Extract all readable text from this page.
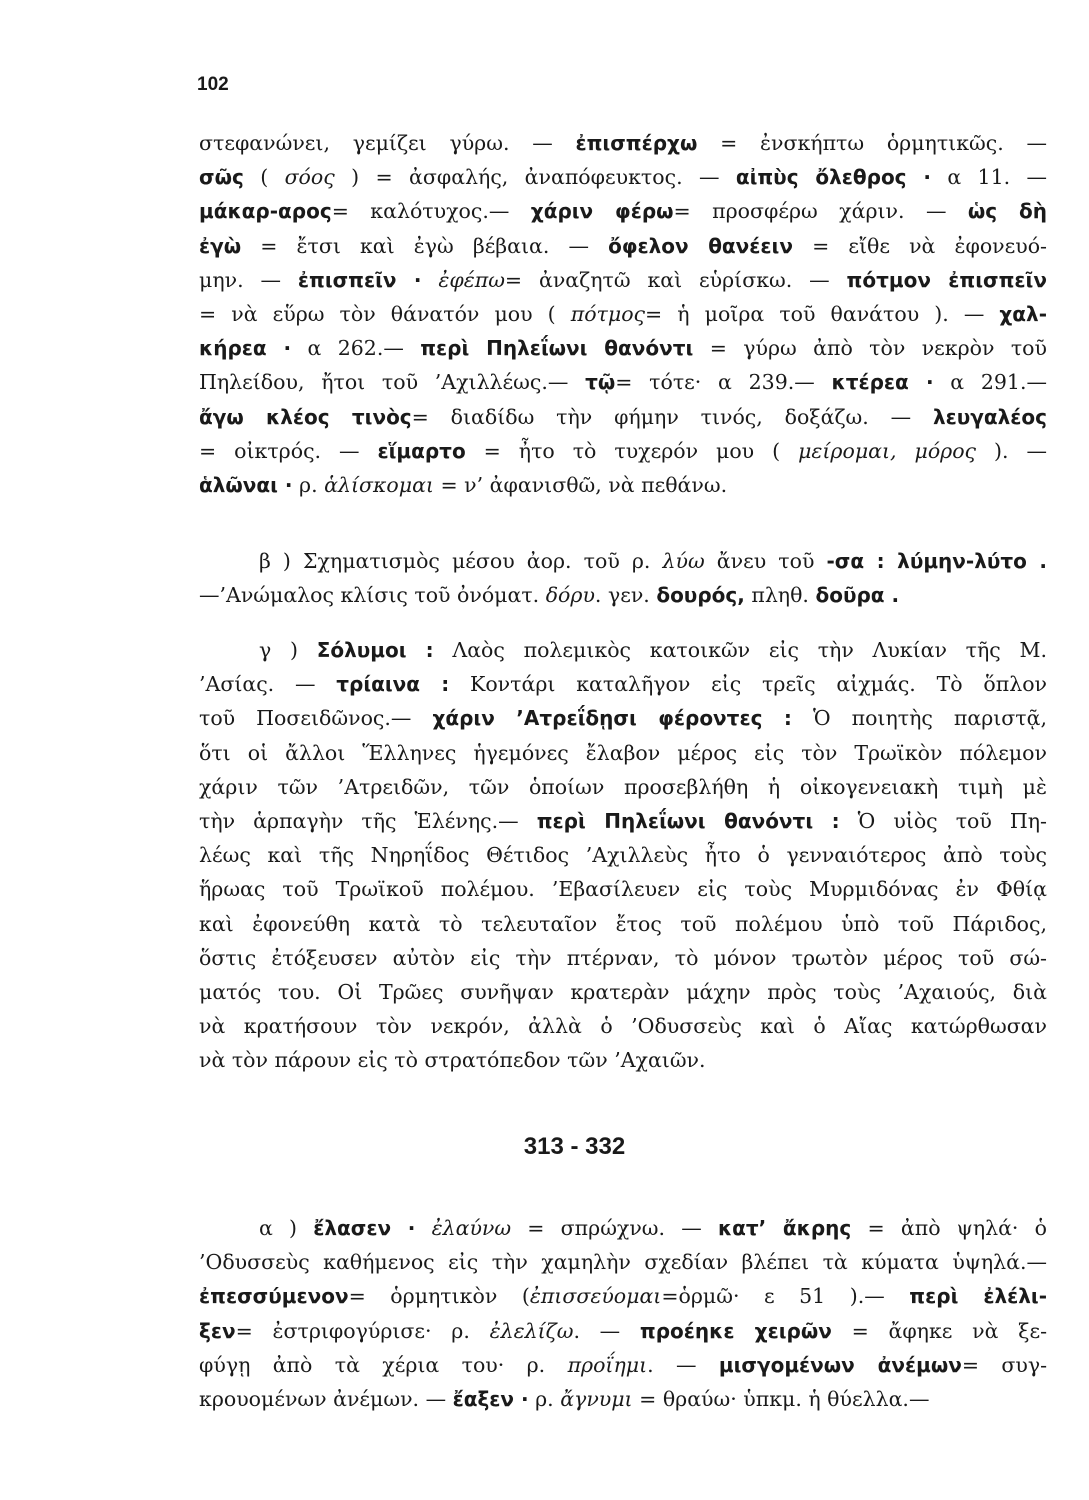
102
στεφανώνει, γεμίζει γύρω. — ἐπισπέρχω = ἐνσκήπτω ὁρμητικῶς. —
σῶς ( σόος ) = ἀσφαλής, ἀναπόφευκτος. — αἰπὺς ὄλεθρος · α 11. —
μάκαρ-αρος= καλότυχος.— χάριν φέρω= προσφέρω χάριν. — ὡς δὴ
ἐγὼ = ἔτσι καὶ ἐγὼ βέβαια. — ὄφελον θανέειν = εἴθε νὰ ἐφονευό-
μην. — ἐπισπεῖν · ἐφέπω= ἀναζητῶ καὶ εὑρίσκω. — πότμον ἐπισπεῖν
= νὰ εὕρω τὸν θάνατόν μου ( πότμος= ἡ μοῖρα τοῦ θανάτου ). — χαλ-
κήρεα · α 262.— περὶ Πηλεΐωνι θανόντι = γύρω ἀπὸ τὸν νεκρὸν τοῦ
Πηλείδου, ἤτοι τοῦ ’Αχιλλέως.— τῷ= τότε· α 239.— κτέρεα · α 291.—
ἄγω κλέος τινὸς= διαδίδω τὴν φήμην τινός, δοξάζω. — λευγαλέος
= οἰκτρός. — εἵμαρτο = ἦτο τὸ τυχερόν μου ( μείρομαι, μόρος ). —
ἁλῶναι · ρ. ἁλίσκομαι = ν’ ἀφανισθῶ, νὰ πεθάνω.
β ) Σχηματισμὸς μέσου ἀορ. τοῦ ρ. λύω ἄνευ τοῦ -σα : λύμην-λύτο .
—’Ανώμαλος κλίσις τοῦ ὀνόματ. δόρυ. γεν. δουρός, πληθ. δοῦρα .
γ ) Σόλυμοι : Λαὸς πολεμικὸς κατοικῶν εἰς τὴν Λυκίαν τῆς Μ.
’Ασίας. — τρίαινα : Κοντάρι καταλῆγον εἰς τρεῖς αἰχμάς. Τὸ ὅπλον
τοῦ Ποσειδῶνος.— χάριν ’Ατρεΐδῃσι φέροντες : Ὁ ποιητὴς παριστᾷ,
ὅτι οἱ ἄλλοι Ἕλληνες ἡγεμόνες ἔλαβον μέρος εἰς τὸν Τρωϊκὸν πόλεμον
χάριν τῶν ’Ατρειδῶν, τῶν ὁποίων προσεβλήθη ἡ οἰκογενειακὴ τιμὴ μὲ
τὴν ἁρπαγὴν τῆς Ἑλένης.— περὶ Πηλεΐωνι θανόντι : Ὁ υἱὸς τοῦ Πη-
λέως καὶ τῆς Νηρηΐδος Θέτιδος ’Αχιλλεὺς ἦτο ὁ γενναιότερος ἀπὸ τοὺς
ἥρωας τοῦ Τρωϊκοῦ πολέμου. ’Εβασίλευεν εἰς τοὺς Μυρμιδόνας ἐν Φθίᾳ
καὶ ἐφονεύθη κατὰ τὸ τελευταῖον ἔτος τοῦ πολέμου ὑπὸ τοῦ Πάριδος,
ὅστις ἐτόξευσεν αὐτὸν εἰς τὴν πτέρναν, τὸ μόνον τρωτὸν μέρος τοῦ σώ-
ματός του. Οἱ Τρῶες συνῆψαν κρατερὰν μάχην πρὸς τοὺς ’Αχαιούς, διὰ
νὰ κρατήσουν τὸν νεκρόν, ἀλλὰ ὁ ’Οδυσσεὺς καὶ ὁ Αἴας κατώρθωσαν
νὰ τὸν πάρουν εἰς τὸ στρατόπεδον τῶν ’Αχαιῶν.
313 - 332
α ) ἔλασεν · ἐλαύνω = σπρώχνω. — κατ’ ἄκρης = ἀπὸ ψηλά· ὁ
’Οδυσσεὺς καθήμενος εἰς τὴν χαμηλὴν σχεδίαν βλέπει τὰ κύματα ὑψηλά.—
ἐπεσσύμενον= ὁρμητικὸν (ἐπισσεύομαι=ὁρμῶ· ε 51 ).— περὶ ἐλέλι-
ξεν= ἐστριφογύρισε· ρ. ἐλελίζω. — προέηκε χειρῶν = ἄφηκε νὰ ξε-
φύγῃ ἀπὸ τὰ χέρια του· ρ. προΐημι. — μισγομένων ἀνέμων= συγ-
κρουομένων ἀνέμων. — ἔαξεν · ρ. ἄγνυμι = θραύω· ὑπκμ. ἡ θύελλα.—
